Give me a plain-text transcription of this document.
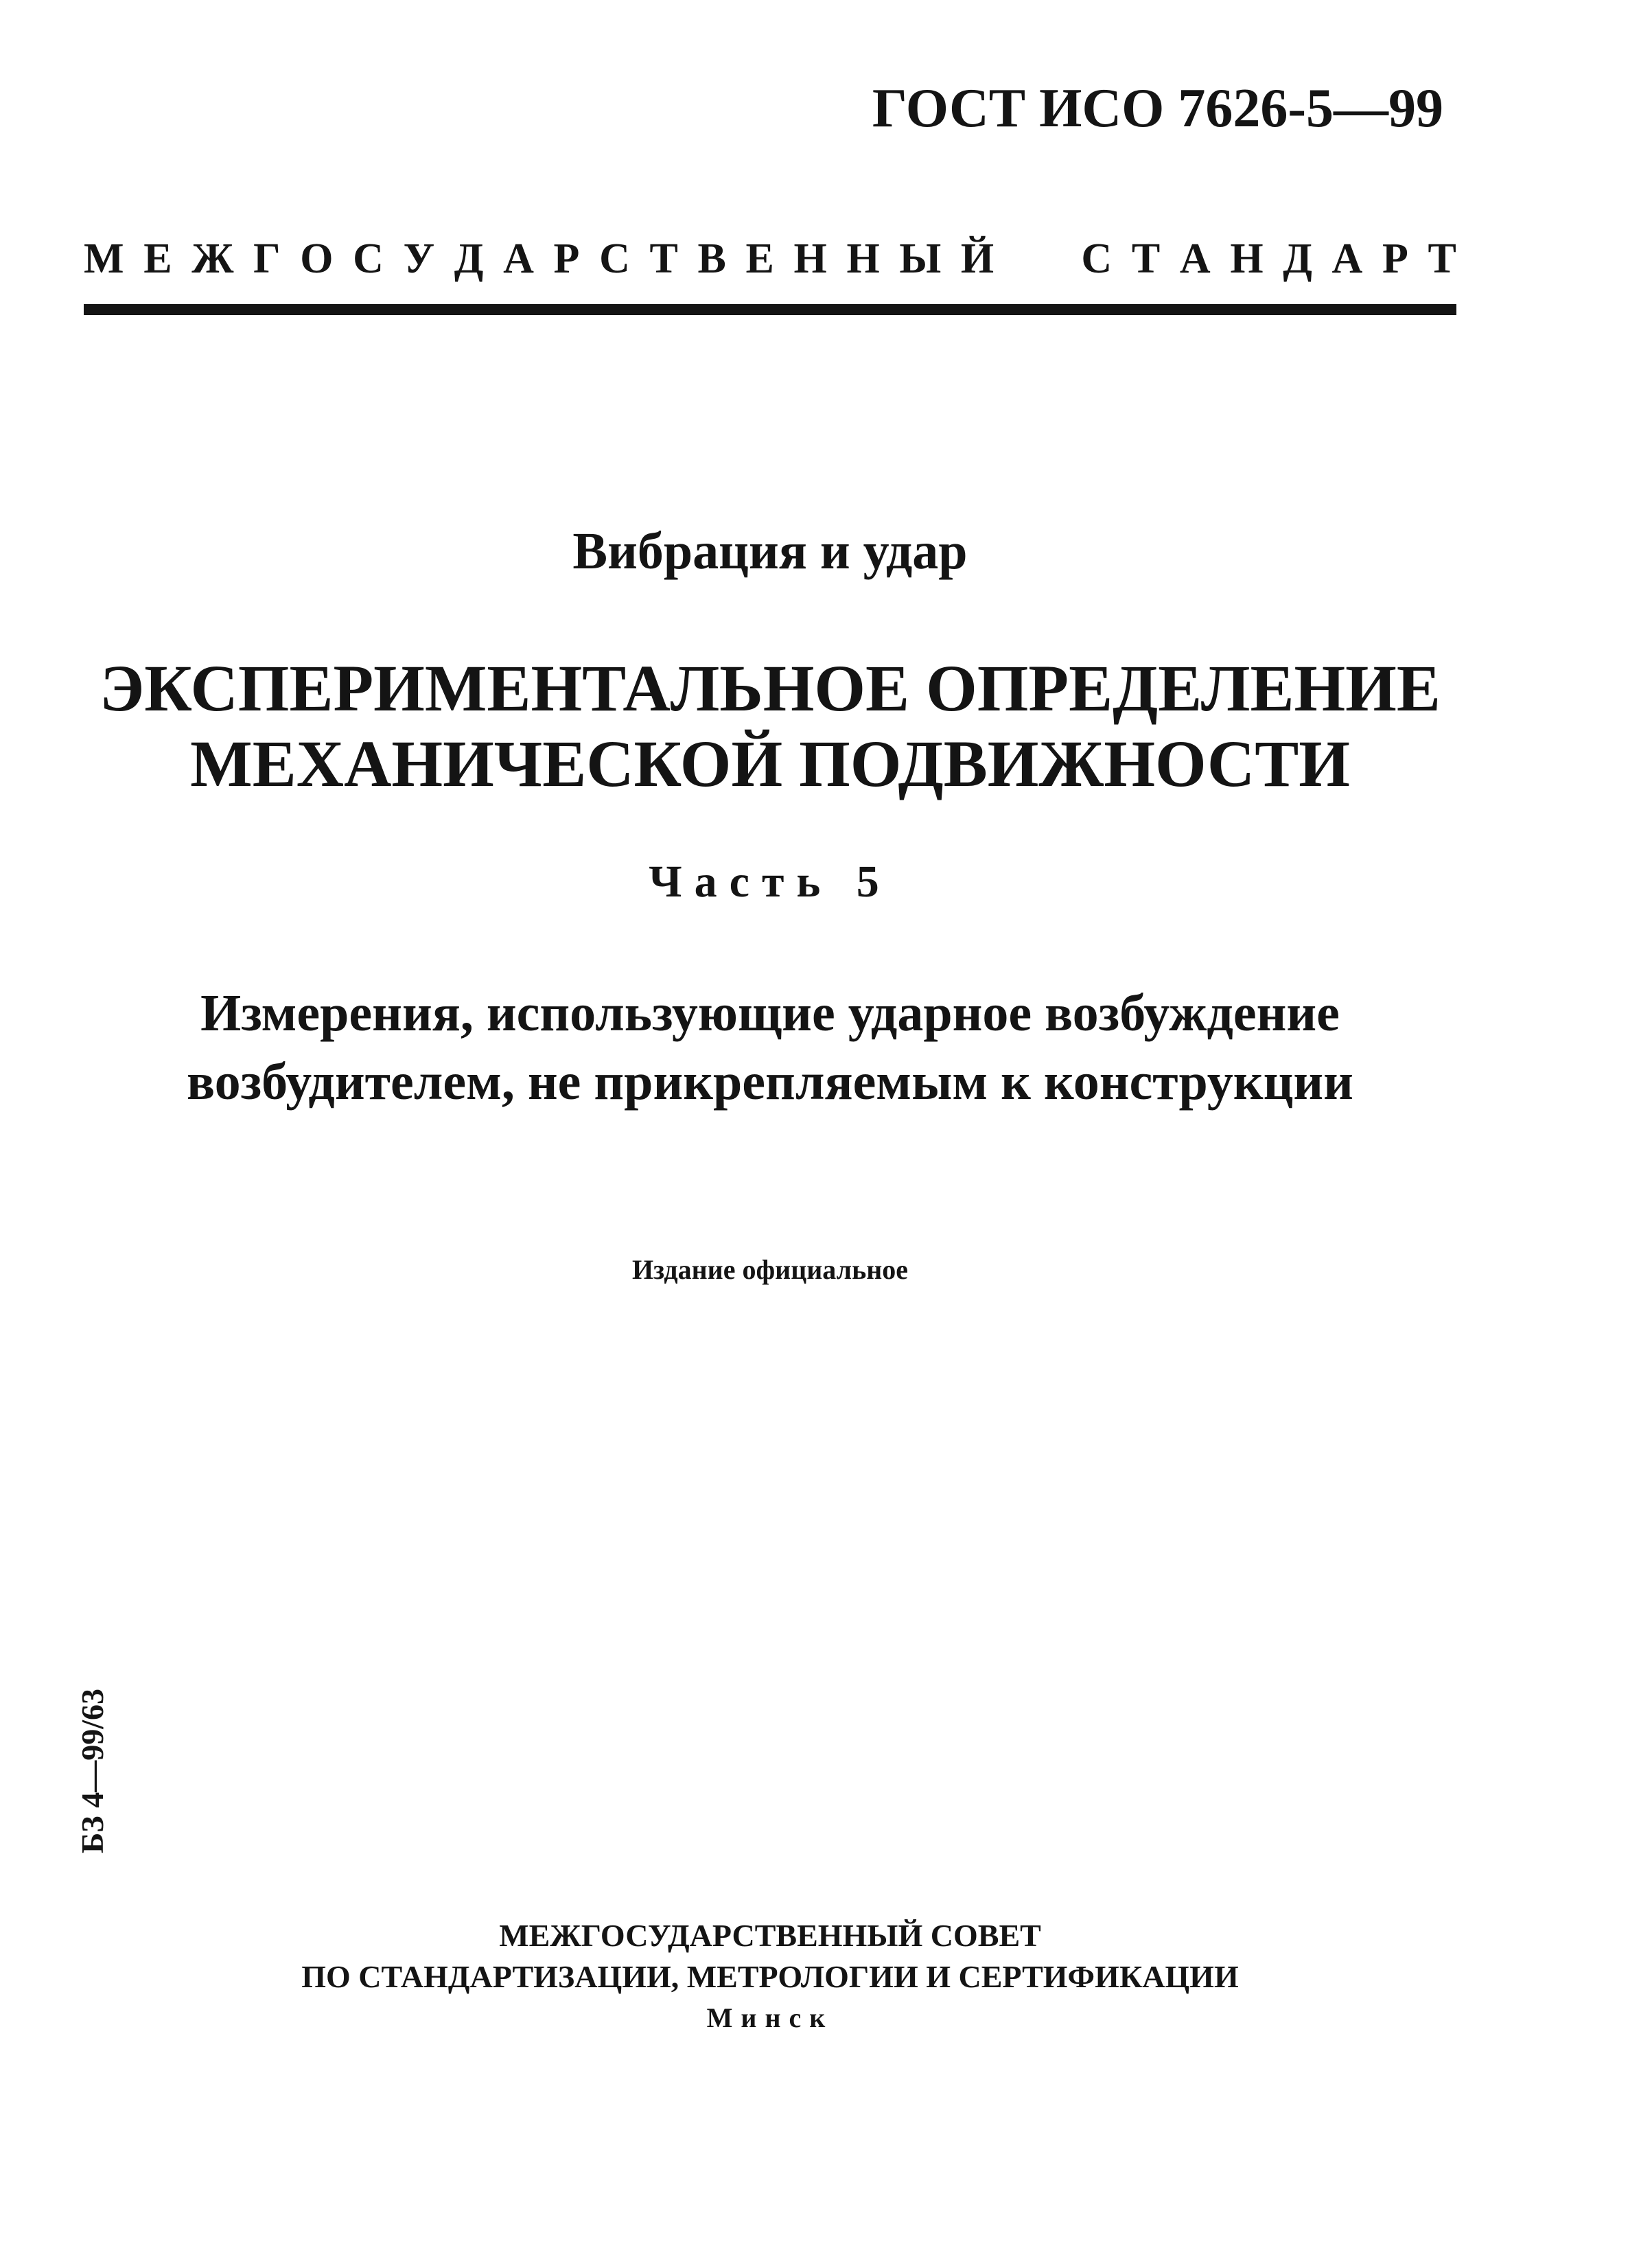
ГОСТ ИСО 7626-5—99
М Е Ж Г О С У Д А Р С Т В Е Н Н Ы Й С Т А Н Д А Р Т
Вибрация и удар
ЭКСПЕРИМЕНТАЛЬНОЕ ОПРЕДЕЛЕНИЕ
МЕХАНИЧЕСКОЙ ПОДВИЖНОСТИ
Часть 5
Измерения, использующие ударное возбуждение
возбудителем, не прикрепляемым к конструкции
Издание официальное
БЗ 4—99/63
МЕЖГОСУДАРСТВЕННЫЙ СОВЕТ
ПО СТАНДАРТИЗАЦИИ, МЕТРОЛОГИИ И СЕРТИФИКАЦИИ
Минск
